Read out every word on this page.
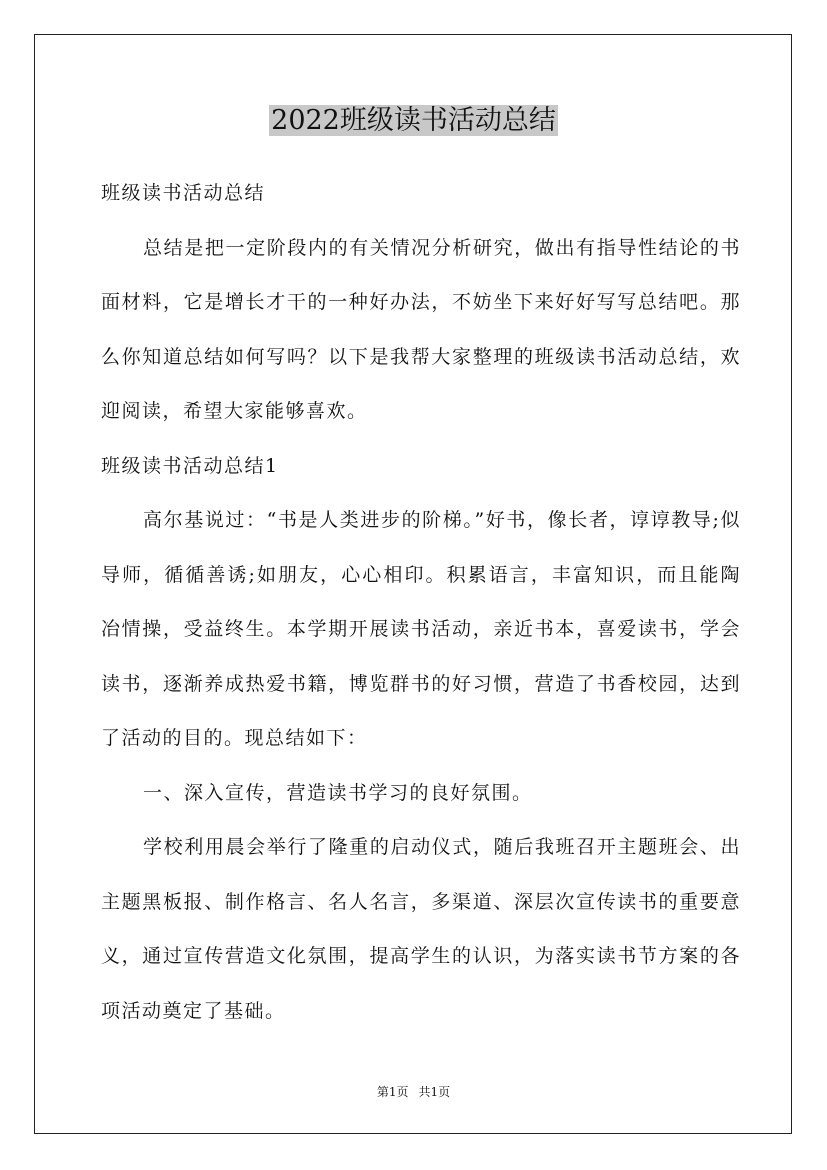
2022班级读书活动总结

班级读书活动总结

总结是把一定阶段内的有关情况分析研究，做出有指导性结论的书面材料，它是增长才干的一种好办法，不妨坐下来好好写写总结吧。那么你知道总结如何写吗？以下是我帮大家整理的班级读书活动总结，欢迎阅读，希望大家能够喜欢。

班级读书活动总结1

高尔基说过：“书是人类进步的阶梯。”好书，像长者，谆谆教导;似导师，循循善诱;如朋友，心心相印。积累语言，丰富知识，而且能陶冶情操，受益终生。本学期开展读书活动，亲近书本，喜爱读书，学会读书，逐渐养成热爱书籍，博览群书的好习惯，营造了书香校园，达到了活动的目的。现总结如下：

一、深入宣传，营造读书学习的良好氛围。

学校利用晨会举行了隆重的启动仪式，随后我班召开主题班会、出主题黑板报、制作格言、名人名言，多渠道、深层次宣传读书的重要意义，通过宣传营造文化氛围，提高学生的认识，为落实读书节方案的各项活动奠定了基础。

第1页 共1页
